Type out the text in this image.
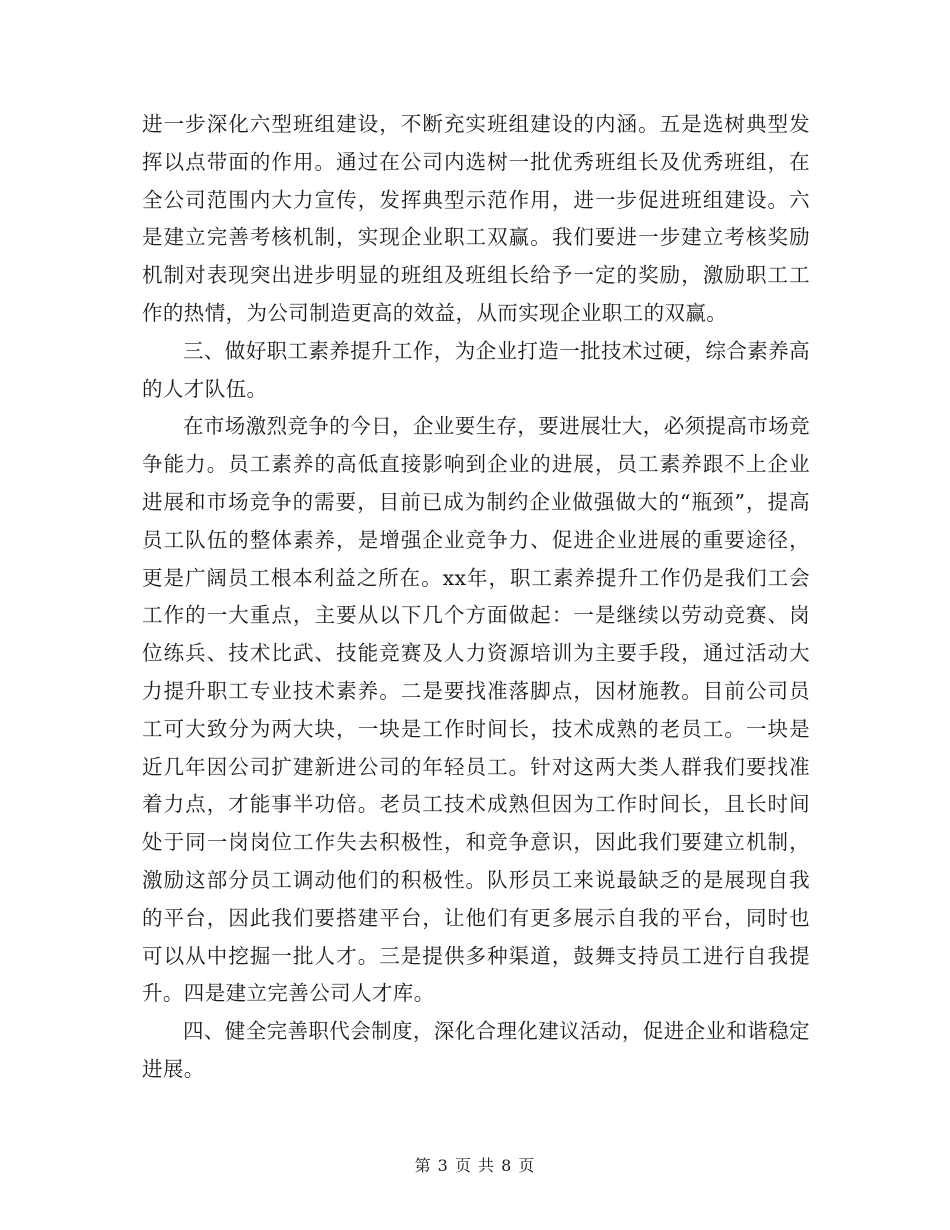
进一步深化六型班组建设，不断充实班组建设的内涵。五是选树典型发挥以点带面的作用。通过在公司内选树一批优秀班组长及优秀班组，在全公司范围内大力宣传，发挥典型示范作用，进一步促进班组建设。六是建立完善考核机制，实现企业职工双赢。我们要进一步建立考核奖励机制对表现突出进步明显的班组及班组长给予一定的奖励，激励职工工作的热情，为公司制造更高的效益，从而实现企业职工的双赢。

三、做好职工素养提升工作，为企业打造一批技术过硬，综合素养高的人才队伍。

在市场激烈竞争的今日，企业要生存，要进展壮大，必须提高市场竞争能力。员工素养的高低直接影响到企业的进展，员工素养跟不上企业进展和市场竞争的需要，目前已成为制约企业做强做大的“瓶颈”，提高员工队伍的整体素养，是增强企业竞争力、促进企业进展的重要途径，更是广阔员工根本利益之所在。xx年，职工素养提升工作仍是我们工会工作的一大重点，主要从以下几个方面做起：一是继续以劳动竞赛、岗位练兵、技术比武、技能竞赛及人力资源培训为主要手段，通过活动大力提升职工专业技术素养。二是要找准落脚点，因材施教。目前公司员工可大致分为两大块，一块是工作时间长，技术成熟的老员工。一块是近几年因公司扩建新进公司的年轻员工。针对这两大类人群我们要找准着力点，才能事半功倍。老员工技术成熟但因为工作时间长，且长时间处于同一岗岗位工作失去积极性，和竞争意识，因此我们要建立机制，激励这部分员工调动他们的积极性。队形员工来说最缺乏的是展现自我的平台，因此我们要搭建平台，让他们有更多展示自我的平台，同时也可以从中挖掘一批人才。三是提供多种渠道，鼓舞支持员工进行自我提升。四是建立完善公司人才库。

四、健全完善职代会制度，深化合理化建议活动，促进企业和谐稳定进展。

第 3 页 共 8 页
